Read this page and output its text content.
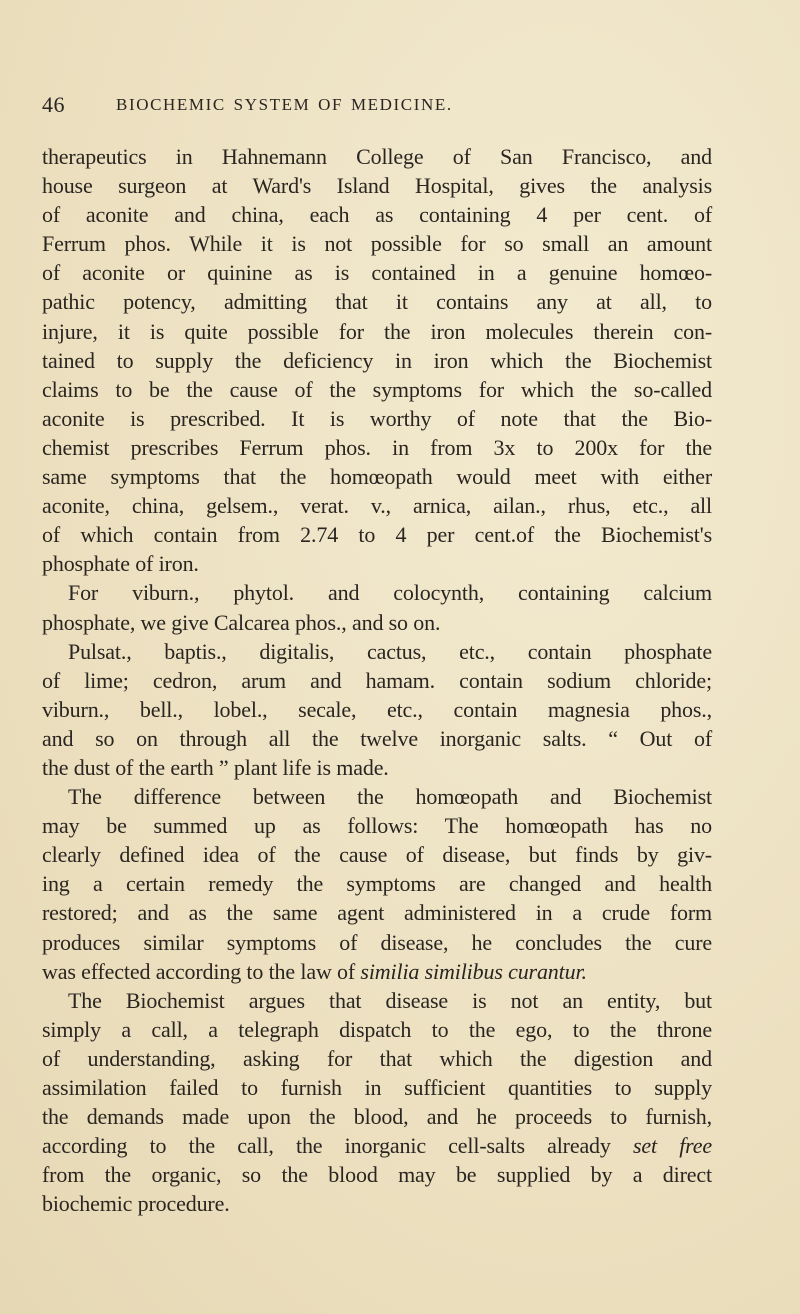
46	BIOCHEMIC SYSTEM OF MEDICINE.
therapeutics in Hahnemann College of San Francisco, and
house surgeon at Ward's Island Hospital, gives the analysis
of aconite and china, each as containing 4 per cent. of
Ferrum phos. While it is not possible for so small an amount
of aconite or quinine as is contained in a genuine homœo-
pathic potency, admitting that it contains any at all, to
injure, it is quite possible for the iron molecules therein con-
tained to supply the deficiency in iron which the Biochemist
claims to be the cause of the symptoms for which the so-called
aconite is prescribed. It is worthy of note that the Bio-
chemist prescribes Ferrum phos. in from 3x to 200x for the
same symptoms that the homœopath would meet with either
aconite, china, gelsem., verat. v., arnica, ailan., rhus, etc., all
of which contain from 2.74 to 4 per cent.of the Biochemist's
phosphate of iron.
For viburn., phytol. and colocynth, containing calcium
phosphate, we give Calcarea phos., and so on.
Pulsat., baptis., digitalis, cactus, etc., contain phosphate
of lime; cedron, arum and hamam. contain sodium chloride;
viburn., bell., lobel., secale, etc., contain magnesia phos.,
and so on through all the twelve inorganic salts. “ Out of
the dust of the earth ” plant life is made.
The difference between the homœopath and Biochemist
may be summed up as follows: The homœopath has no
clearly defined idea of the cause of disease, but finds by giv-
ing a certain remedy the symptoms are changed and health
restored; and as the same agent administered in a crude form
produces similar symptoms of disease, he concludes the cure
was effected according to the law of similia similibus curantur.
The Biochemist argues that disease is not an entity, but
simply a call, a telegraph dispatch to the ego, to the throne
of understanding, asking for that which the digestion and
assimilation failed to furnish in sufficient quantities to supply
the demands made upon the blood, and he proceeds to furnish,
according to the call, the inorganic cell-salts already set free
from the organic, so the blood may be supplied by a direct
biochemic procedure.
